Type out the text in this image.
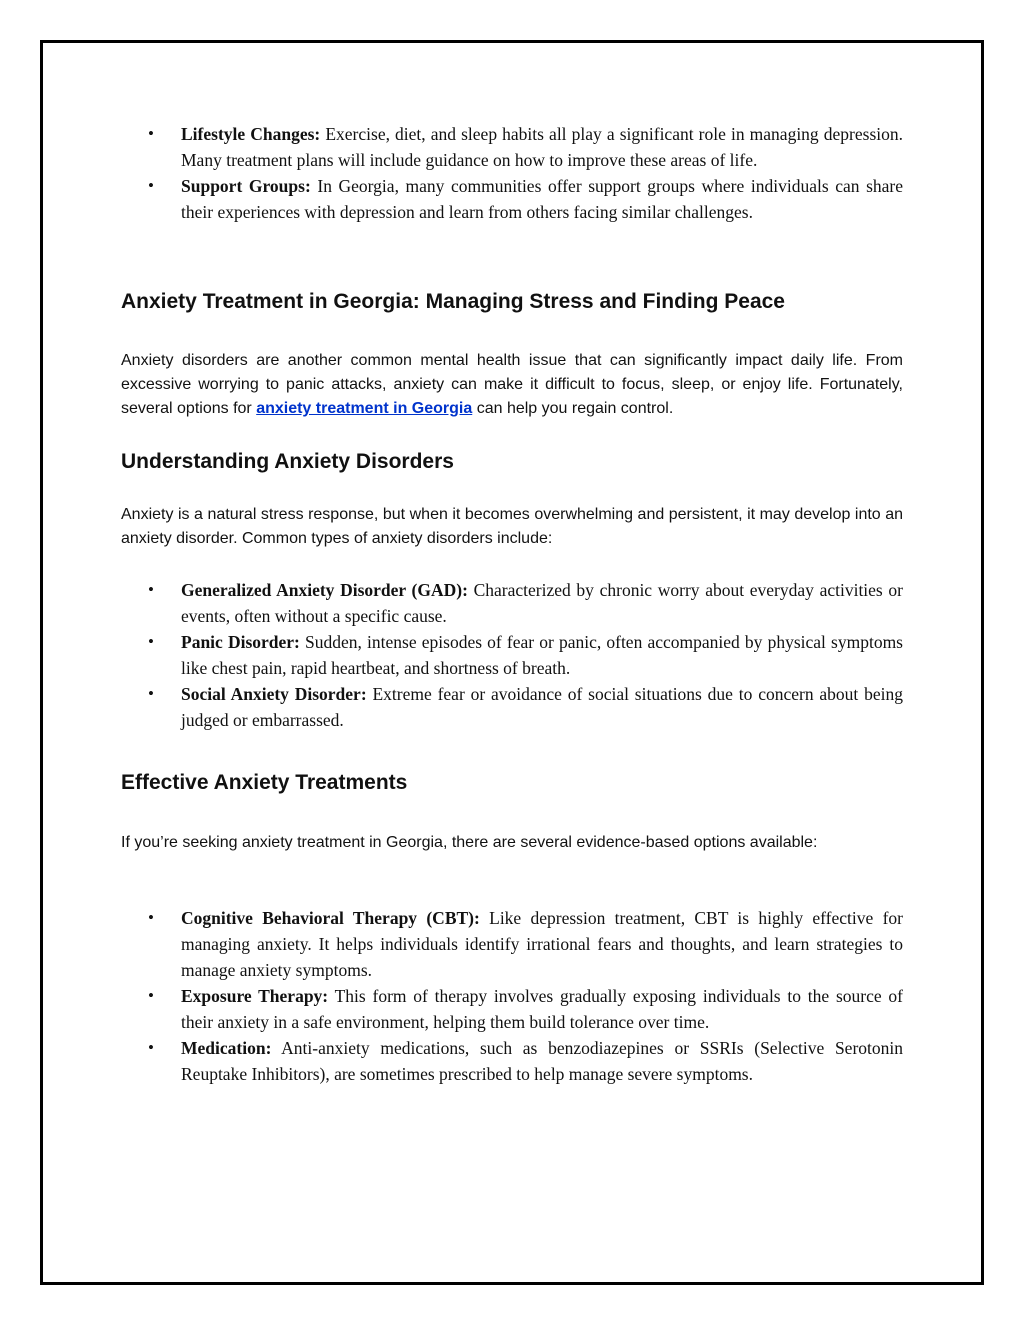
• Lifestyle Changes: Exercise, diet, and sleep habits all play a significant role in managing depression. Many treatment plans will include guidance on how to improve these areas of life.
• Support Groups: In Georgia, many communities offer support groups where individuals can share their experiences with depression and learn from others facing similar challenges.
Anxiety Treatment in Georgia: Managing Stress and Finding Peace

Anxiety disorders are another common mental health issue that can significantly impact daily life. From excessive worrying to panic attacks, anxiety can make it difficult to focus, sleep, or enjoy life. Fortunately, several options for anxiety treatment in Georgia can help you regain control.

Understanding Anxiety Disorders

Anxiety is a natural stress response, but when it becomes overwhelming and persistent, it may develop into an anxiety disorder. Common types of anxiety disorders include:

• Generalized Anxiety Disorder (GAD): Characterized by chronic worry about everyday activities or events, often without a specific cause.
• Panic Disorder: Sudden, intense episodes of fear or panic, often accompanied by physical symptoms like chest pain, rapid heartbeat, and shortness of breath.
• Social Anxiety Disorder: Extreme fear or avoidance of social situations due to concern about being judged or embarrassed.
Effective Anxiety Treatments

If you’re seeking anxiety treatment in Georgia, there are several evidence-based options available:

• Cognitive Behavioral Therapy (CBT): Like depression treatment, CBT is highly effective for managing anxiety. It helps individuals identify irrational fears and thoughts, and learn strategies to manage anxiety symptoms.
• Exposure Therapy: This form of therapy involves gradually exposing individuals to the source of their anxiety in a safe environment, helping them build tolerance over time.
• Medication: Anti-anxiety medications, such as benzodiazepines or SSRIs (Selective Serotonin Reuptake Inhibitors), are sometimes prescribed to help manage severe symptoms.
